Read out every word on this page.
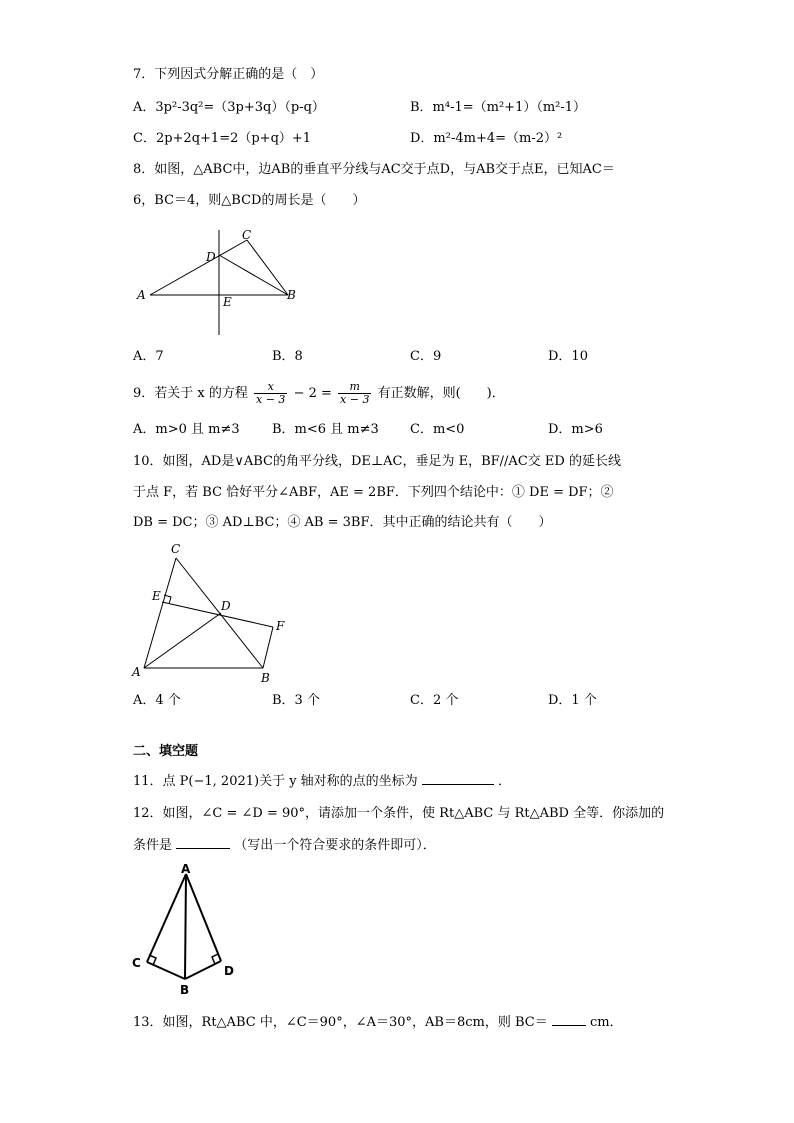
7．下列因式分解正确的是（　）
A．3p²-3q²=（3p+3q）（p-q）	B．m⁴-1=（m²+1）（m²-1）
C．2p+2q+1=2（p+q）+1	D．m²-4m+4=（m-2）²
8．如图，△ABC中，边AB的垂直平分线与AC交于点D，与AB交于点E，已知AC＝
6，BC＝4，则△BCD的周长是（　　）
A	B
C
D
E
A．7	B．8	C．9	D．10
9．若关于 x 的方程 $\frac{x}{x - 3} - 2 = \frac{m}{x - 3}$ 有正数解，则(　　)．
A．m>0 且 m≠3 B．m<6 且 m≠3 C．m<0	D．m>6
10．如图，AD是∨ABC的角平分线，DE⊥AC，垂足为 E，BF//AC交 ED 的延长线
于点 F，若 BC 恰好平分∠ABF，AE = 2BF．下列四个结论中：① DE = DF；②
DB = DC；③ AD⊥BC；④ AB = 3BF．其中正确的结论共有（　　）
A	B
C
D
E
F
A．4 个	B．3 个	C．2 个	D．1 个
二、填空题
11．点 P(−1, 2021)关于 y 轴对称的点的坐标为	．
12．如图，∠C = ∠D = 90°，请添加一个条件，使 Rt△ABC 与 Rt△ABD 全等．你添加的
条件是	（写出一个符合要求的条件即可）．
A
B
C
D
13．如图，Rt△ABC 中，∠C＝90°，∠A＝30°，AB＝8cm，则 BC＝	cm．
